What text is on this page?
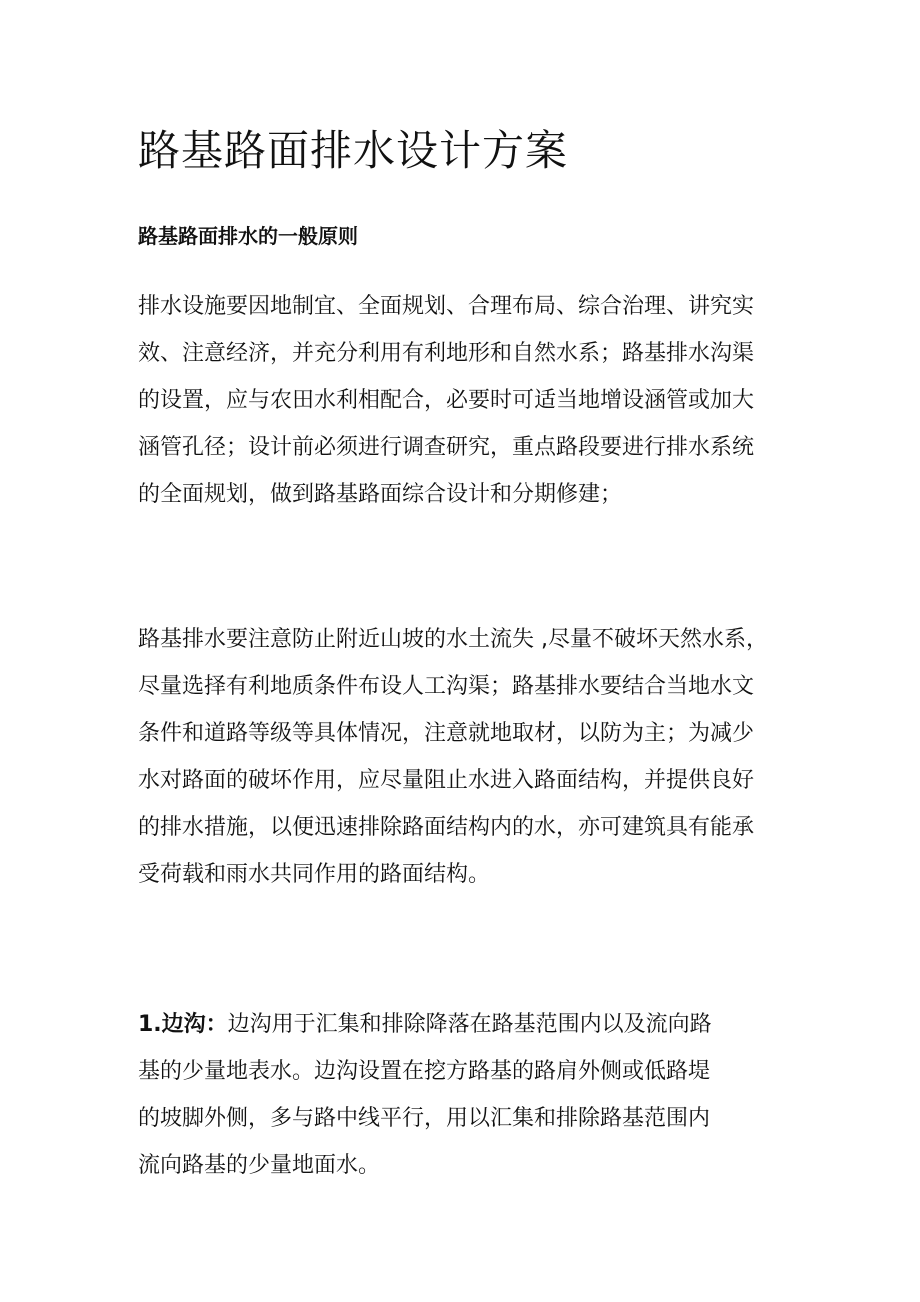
路基路面排水设计方案
路基路面排水的一般原则
排水设施要因地制宜、全面规划、合理布局、综合治理、讲究实
效、注意经济，并充分利用有利地形和自然水系；路基排水沟渠
的设置，应与农田水利相配合，必要时可适当地增设涵管或加大
涵管孔径；设计前必须进行调查研究，重点路段要进行排水系统
的全面规划，做到路基路面综合设计和分期修建；
路基排水要注意防止附近山坡的水土流失 ,尽量不破坏天然水系，
尽量选择有利地质条件布设人工沟渠；路基排水要结合当地水文
条件和道路等级等具体情况，注意就地取材，以防为主；为减少
水对路面的破坏作用，应尽量阻止水进入路面结构，并提供良好
的排水措施，以便迅速排除路面结构内的水，亦可建筑具有能承
受荷载和雨水共同作用的路面结构。
1.边沟：边沟用于汇集和排除降落在路基范围内以及流向路
基的少量地表水。边沟设置在挖方路基的路肩外侧或低路堤
的坡脚外侧，多与路中线平行，用以汇集和排除路基范围内
流向路基的少量地面水。
